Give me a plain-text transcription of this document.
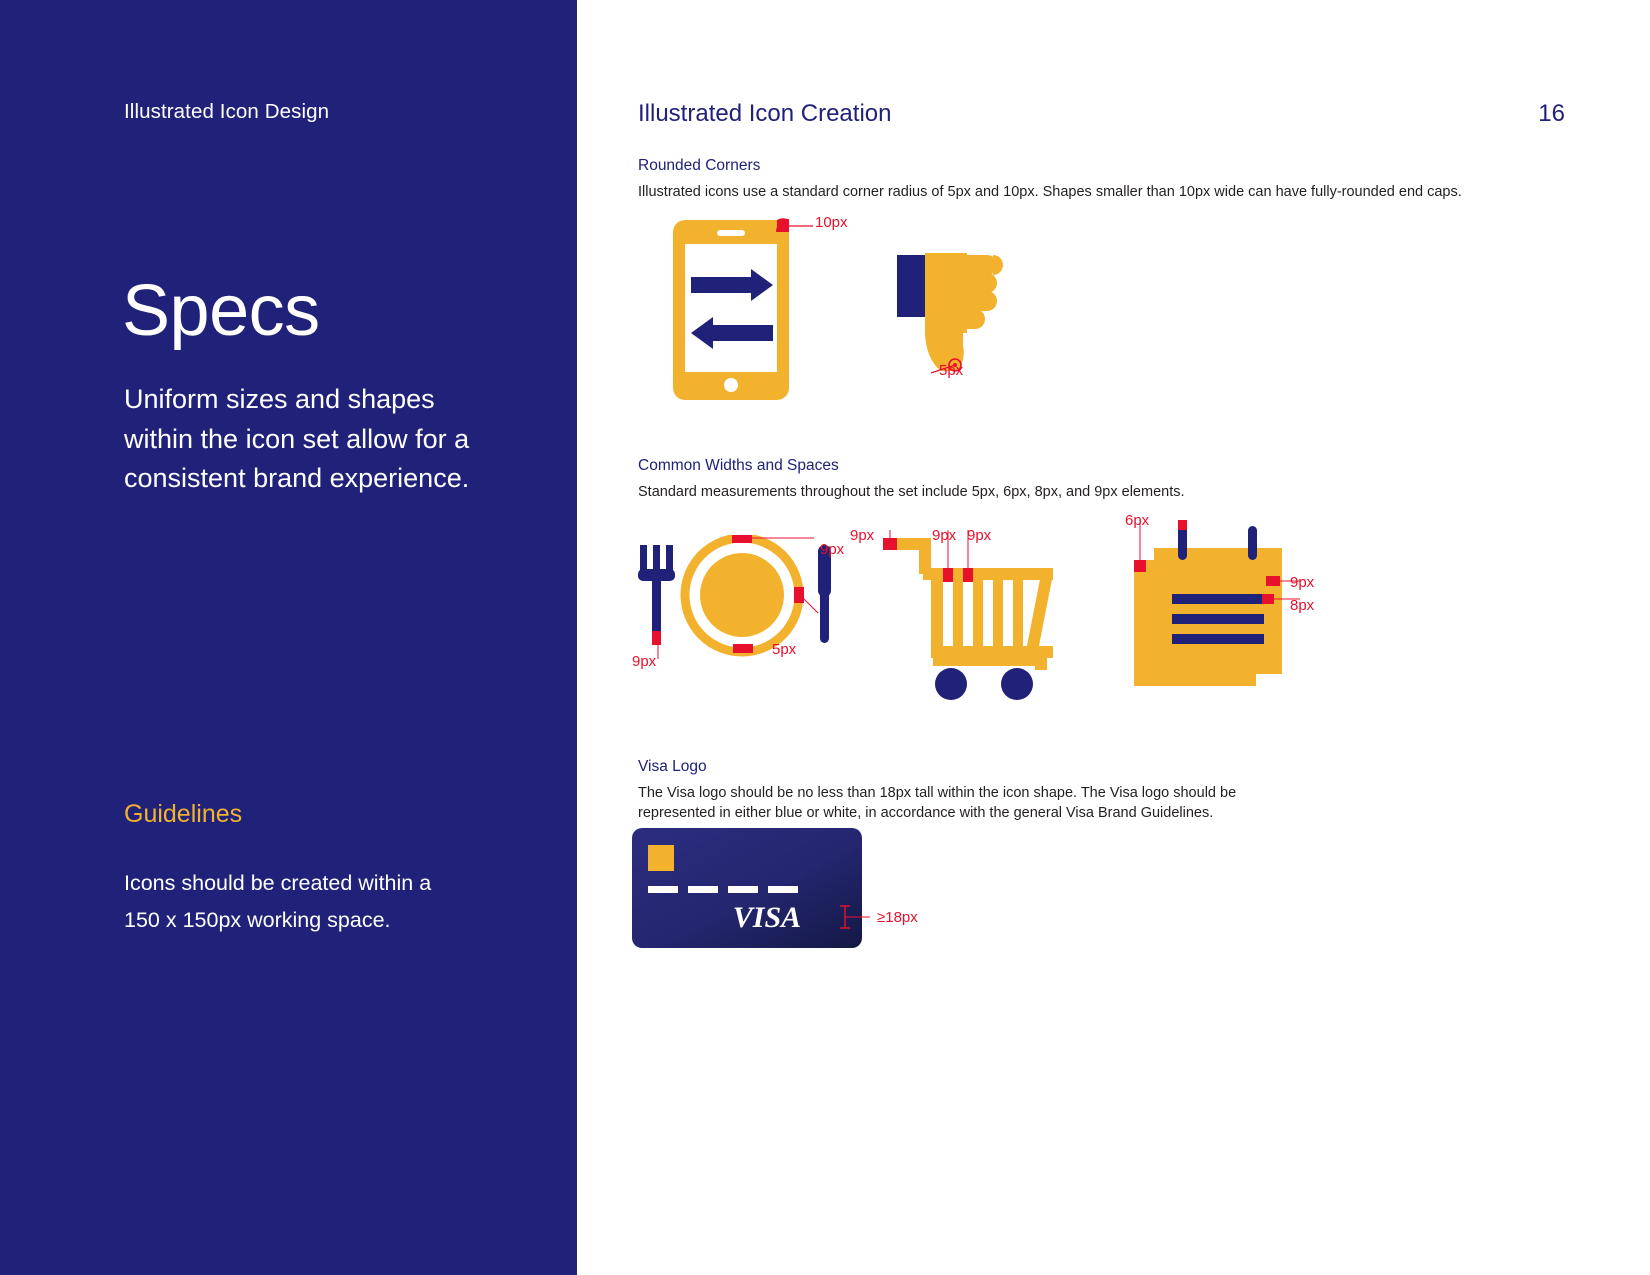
Illustrated Icon Design
Specs
Uniform sizes and shapes within the icon set allow for a consistent brand experience.
Guidelines
Icons should be created within a 150 x 150px working space.
Illustrated Icon Creation	16
Rounded Corners
Illustrated icons use a standard corner radius of 5px and 10px. Shapes smaller than 10px wide can have fully-rounded end caps.
10px
5px
Common Widths and Spaces
Standard measurements throughout the set include 5px, 6px, 8px, and 9px elements.
9px
9px
5px
9px	9px 9px
6px
9px
8px
Visa Logo
The Visa logo should be no less than 18px tall within the icon shape. The Visa logo should be represented in either blue or white, in accordance with the general Visa Brand Guidelines.
VISA	≥18px
